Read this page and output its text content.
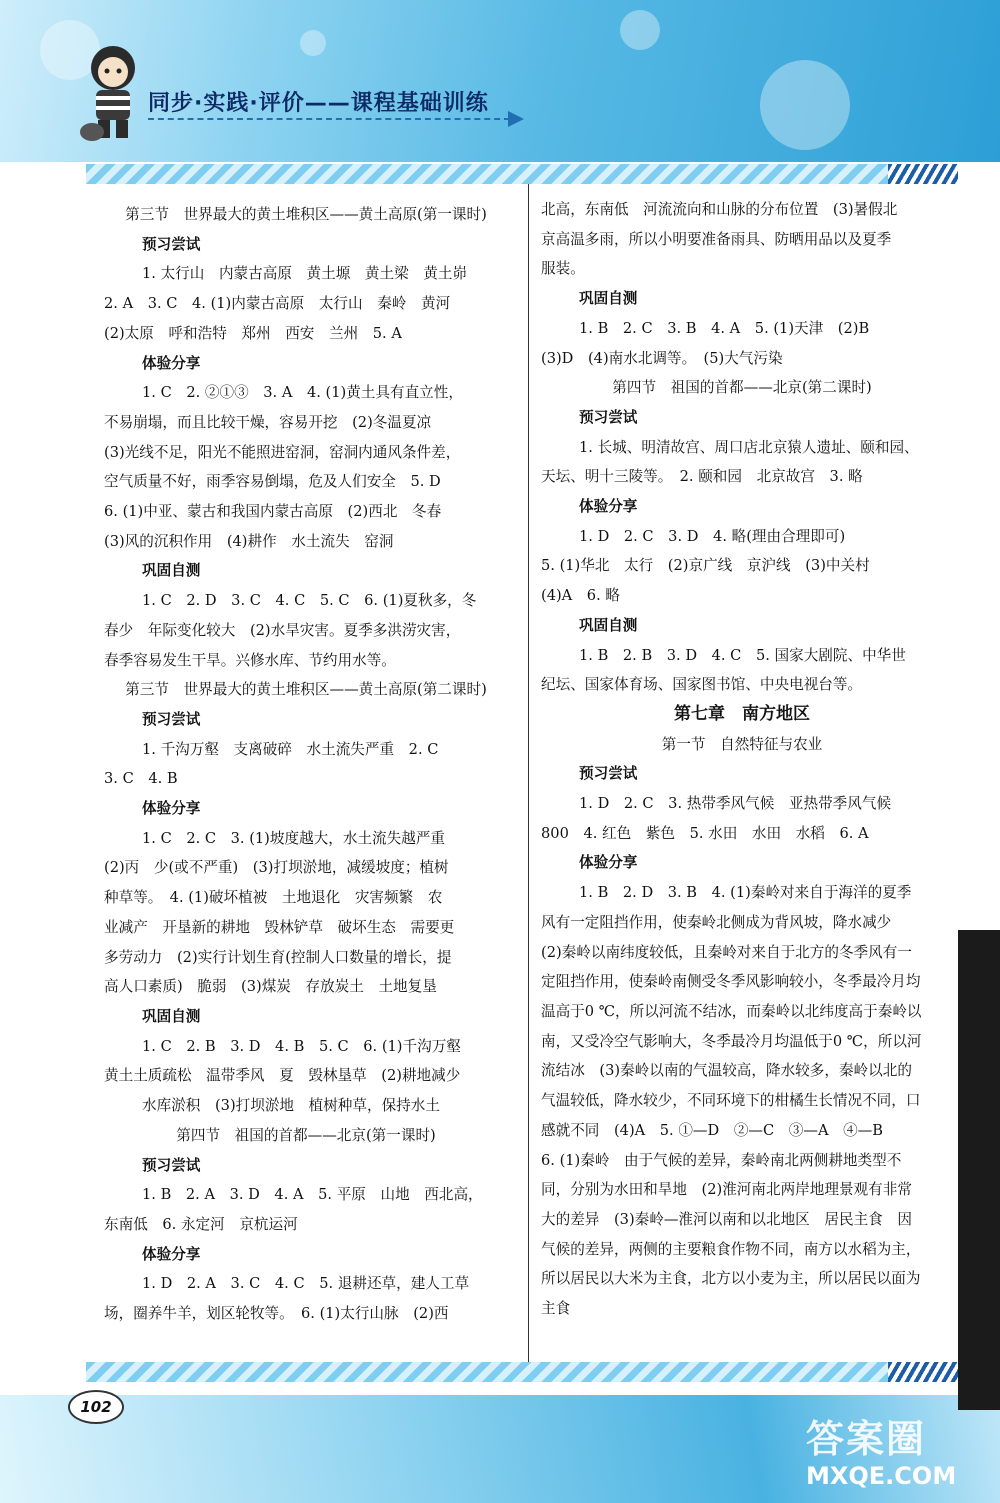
同步·实践·评价——课程基础训练
第三节　世界最大的黄土堆积区——黄土高原(第一课时)
预习尝试
1. 太行山　内蒙古高原　黄土塬　黄土梁　黄土峁
2. A　3. C　4. (1)内蒙古高原　太行山　秦岭　黄河
(2)太原　呼和浩特　郑州　西安　兰州　5. A
体验分享
1. C　2. ②①③　3. A　4. (1)黄土具有直立性，
不易崩塌，而且比较干燥，容易开挖　(2)冬温夏凉
(3)光线不足，阳光不能照进窑洞，窑洞内通风条件差，
空气质量不好，雨季容易倒塌，危及人们安全　5. D
6. (1)中亚、蒙古和我国内蒙古高原　(2)西北　冬春
(3)风的沉积作用　(4)耕作　水土流失　窑洞
巩固自测
1. C　2. D　3. C　4. C　5. C　6. (1)夏秋多，冬
春少　年际变化较大　(2)水旱灾害。夏季多洪涝灾害，
春季容易发生干旱。兴修水库、节约用水等。
第三节　世界最大的黄土堆积区——黄土高原(第二课时)
预习尝试
1. 千沟万壑　支离破碎　水土流失严重　2. C
3. C　4. B
体验分享
1. C　2. C　3. (1)坡度越大，水土流失越严重
(2)丙　少(或不严重)　(3)打坝淤地，减缓坡度；植树
种草等。　4. (1)破坏植被　土地退化　灾害频繁　农
业减产　开垦新的耕地　毁林铲草　破坏生态　需要更
多劳动力　(2)实行计划生育(控制人口数量的增长，提
高人口素质)　脆弱　(3)煤炭　存放炭土　土地复垦
巩固自测
1. C　2. B　3. D　4. B　5. C　6. (1)千沟万壑
黄土土质疏松　温带季风　夏　毁林垦草　(2)耕地减少
水库淤积　(3)打坝淤地　植树种草，保持水土
第四节　祖国的首都——北京(第一课时)
预习尝试
1. B　2. A　3. D　4. A　5. 平原　山地　西北高，
东南低　6. 永定河　京杭运河
体验分享
1. D　2. A　3. C　4. C　5. 退耕还草，建人工草
场，圈养牛羊，划区轮牧等。　6. (1)太行山脉　(2)西
北高，东南低　河流流向和山脉的分布位置　(3)暑假北
京高温多雨，所以小明要准备雨具、防晒用品以及夏季
服装。
巩固自测
1. B　2. C　3. B　4. A　5. (1)天津　(2)B
(3)D　(4)南水北调等。　(5)大气污染
第四节　祖国的首都——北京(第二课时)
预习尝试
1. 长城、明清故宫、周口店北京猿人遗址、颐和园、
天坛、明十三陵等。　2. 颐和园　北京故宫　3. 略
体验分享
1. D　2. C　3. D　4. 略(理由合理即可)
5. (1)华北　太行　(2)京广线　京沪线　(3)中关村
(4)A　6. 略
巩固自测
1. B　2. B　3. D　4. C　5. 国家大剧院、中华世
纪坛、国家体育场、国家图书馆、中央电视台等。
第七章　南方地区
第一节　自然特征与农业
预习尝试
1. D　2. C　3. 热带季风气候　亚热带季风气候
800　4. 红色　紫色　5. 水田　水田　水稻　6. A
体验分享
1. B　2. D　3. B　4. (1)秦岭对来自于海洋的夏季
风有一定阻挡作用，使秦岭北侧成为背风坡，降水减少
(2)秦岭以南纬度较低，且秦岭对来自于北方的冬季风有一
定阻挡作用，使秦岭南侧受冬季风影响较小，冬季最冷月均
温高于0 ℃，所以河流不结冰，而秦岭以北纬度高于秦岭以
南，又受冷空气影响大，冬季最冷月均温低于0 ℃，所以河
流结冰　(3)秦岭以南的气温较高，降水较多，秦岭以北的
气温较低，降水较少，不同环境下的柑橘生长情况不同，口
感就不同　(4)A　5. ①—D　②—C　③—A　④—B
6. (1)秦岭　由于气候的差异，秦岭南北两侧耕地类型不
同，分别为水田和旱地　(2)淮河南北两岸地理景观有非常
大的差异　(3)秦岭—淮河以南和以北地区　居民主食　因
气候的差异，两侧的主要粮食作物不同，南方以水稻为主，
所以居民以大米为主食，北方以小麦为主，所以居民以面为
主食
102
答案圈
MXQE.COM
